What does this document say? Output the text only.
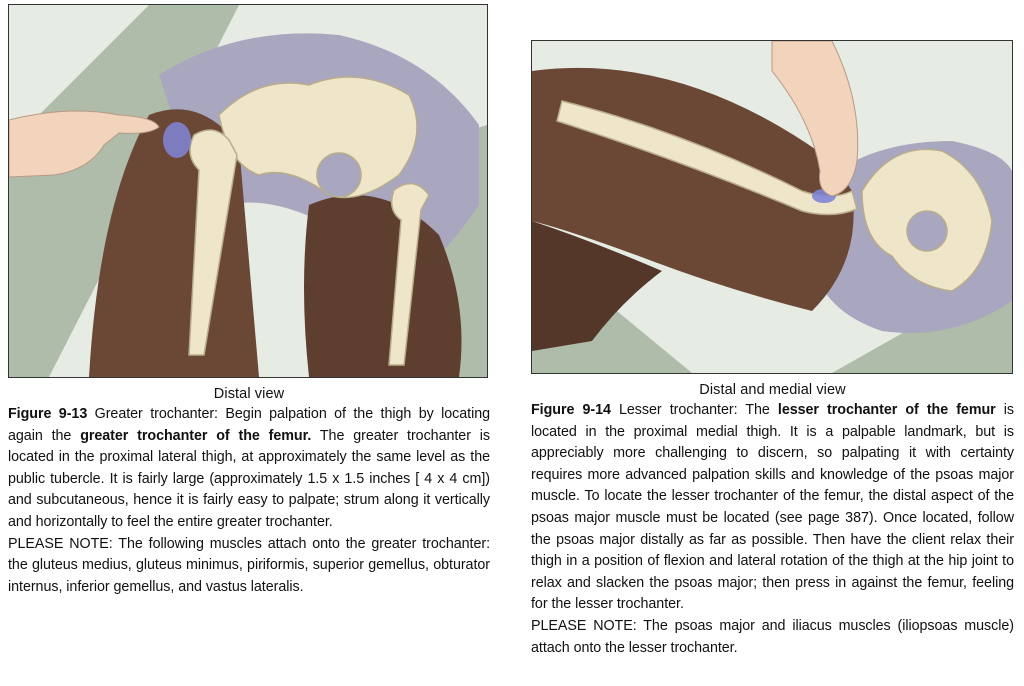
Distal view

Figure 9-13 Greater trochanter: Begin palpation of the thigh by locating again the greater trochanter of the femur. The greater trochanter is located in the proximal lateral thigh, at approximately the same level as the public tubercle. It is fairly large (approximately 1.5 x 1.5 inches [ 4 x 4 cm]) and subcutaneous, hence it is fairly easy to palpate; strum along it vertically and horizontally to feel the entire greater trochanter.

PLEASE NOTE: The following muscles attach onto the greater trochanter: the gluteus medius, gluteus minimus, piriformis, superior gemellus, obturator internus, inferior gemellus, and vastus lateralis.

Distal and medial view

Figure 9-14 Lesser trochanter: The lesser trochanter of the femur is located in the proximal medial thigh. It is a palpable landmark, but is appreciably more challenging to discern, so palpating it with certainty requires more advanced palpation skills and knowledge of the psoas major muscle. To locate the lesser trochanter of the femur, the distal aspect of the psoas major muscle must be located (see page 387). Once located, follow the psoas major distally as far as possible. Then have the client relax their thigh in a position of flexion and lateral rotation of the thigh at the hip joint to relax and slacken the psoas major; then press in against the femur, feeling for the lesser trochanter.

PLEASE NOTE: The psoas major and iliacus muscles (iliopsoas muscle) attach onto the lesser trochanter.
